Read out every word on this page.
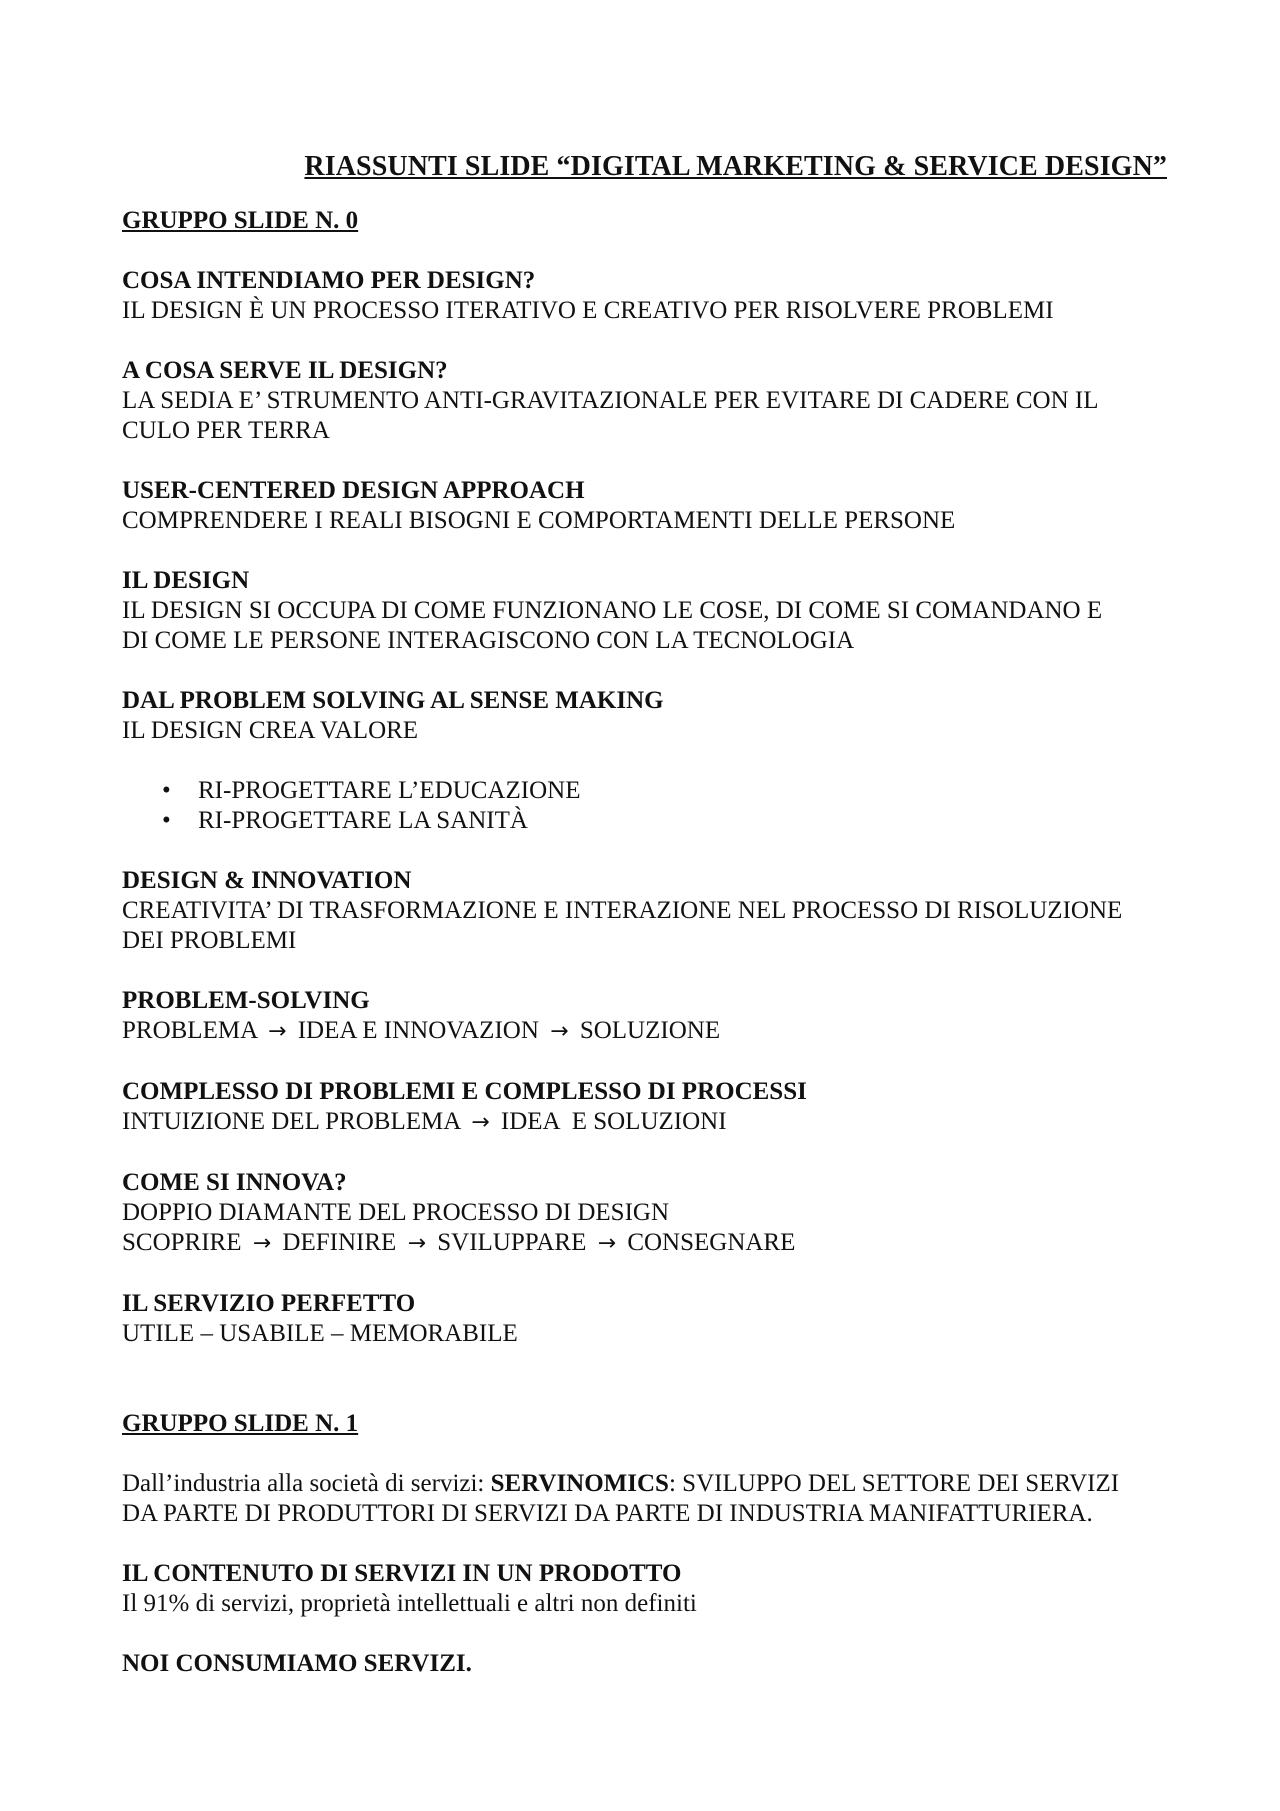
RIASSUNTI SLIDE “DIGITAL MARKETING & SERVICE DESIGN”
GRUPPO SLIDE N. 0
COSA INTENDIAMO PER DESIGN?
IL DESIGN È UN PROCESSO ITERATIVO E CREATIVO PER RISOLVERE PROBLEMI
A COSA SERVE IL DESIGN?
LA SEDIA E’ STRUMENTO ANTI-GRAVITAZIONALE PER EVITARE DI CADERE CON IL
CULO PER TERRA
USER-CENTERED DESIGN APPROACH
COMPRENDERE I REALI BISOGNI E COMPORTAMENTI DELLE PERSONE
IL DESIGN
IL DESIGN SI OCCUPA DI COME FUNZIONANO LE COSE, DI COME SI COMANDANO E
DI COME LE PERSONE INTERAGISCONO CON LA TECNOLOGIA
DAL PROBLEM SOLVING AL SENSE MAKING
IL DESIGN CREA VALORE
• RI-PROGETTARE L’EDUCAZIONE
• RI-PROGETTARE LA SANITÀ
DESIGN & INNOVATION
CREATIVITA’ DI TRASFORMAZIONE E INTERAZIONE NEL PROCESSO DI RISOLUZIONE
DEI PROBLEMI
PROBLEM-SOLVING
PROBLEMA → IDEA E INNOVAZION → SOLUZIONE
COMPLESSO DI PROBLEMI E COMPLESSO DI PROCESSI
INTUIZIONE DEL PROBLEMA → IDEA  E SOLUZIONI
COME SI INNOVA?
DOPPIO DIAMANTE DEL PROCESSO DI DESIGN
SCOPRIRE → DEFINIRE → SVILUPPARE → CONSEGNARE
IL SERVIZIO PERFETTO
UTILE – USABILE – MEMORABILE
GRUPPO SLIDE N. 1
Dall’industria alla società di servizi: SERVINOMICS: SVILUPPO DEL SETTORE DEI SERVIZI
DA PARTE DI PRODUTTORI DI SERVIZI DA PARTE DI INDUSTRIA MANIFATTURIERA.
IL CONTENUTO DI SERVIZI IN UN PRODOTTO
Il 91% di servizi, proprietà intellettuali e altri non definiti
NOI CONSUMIAMO SERVIZI.
